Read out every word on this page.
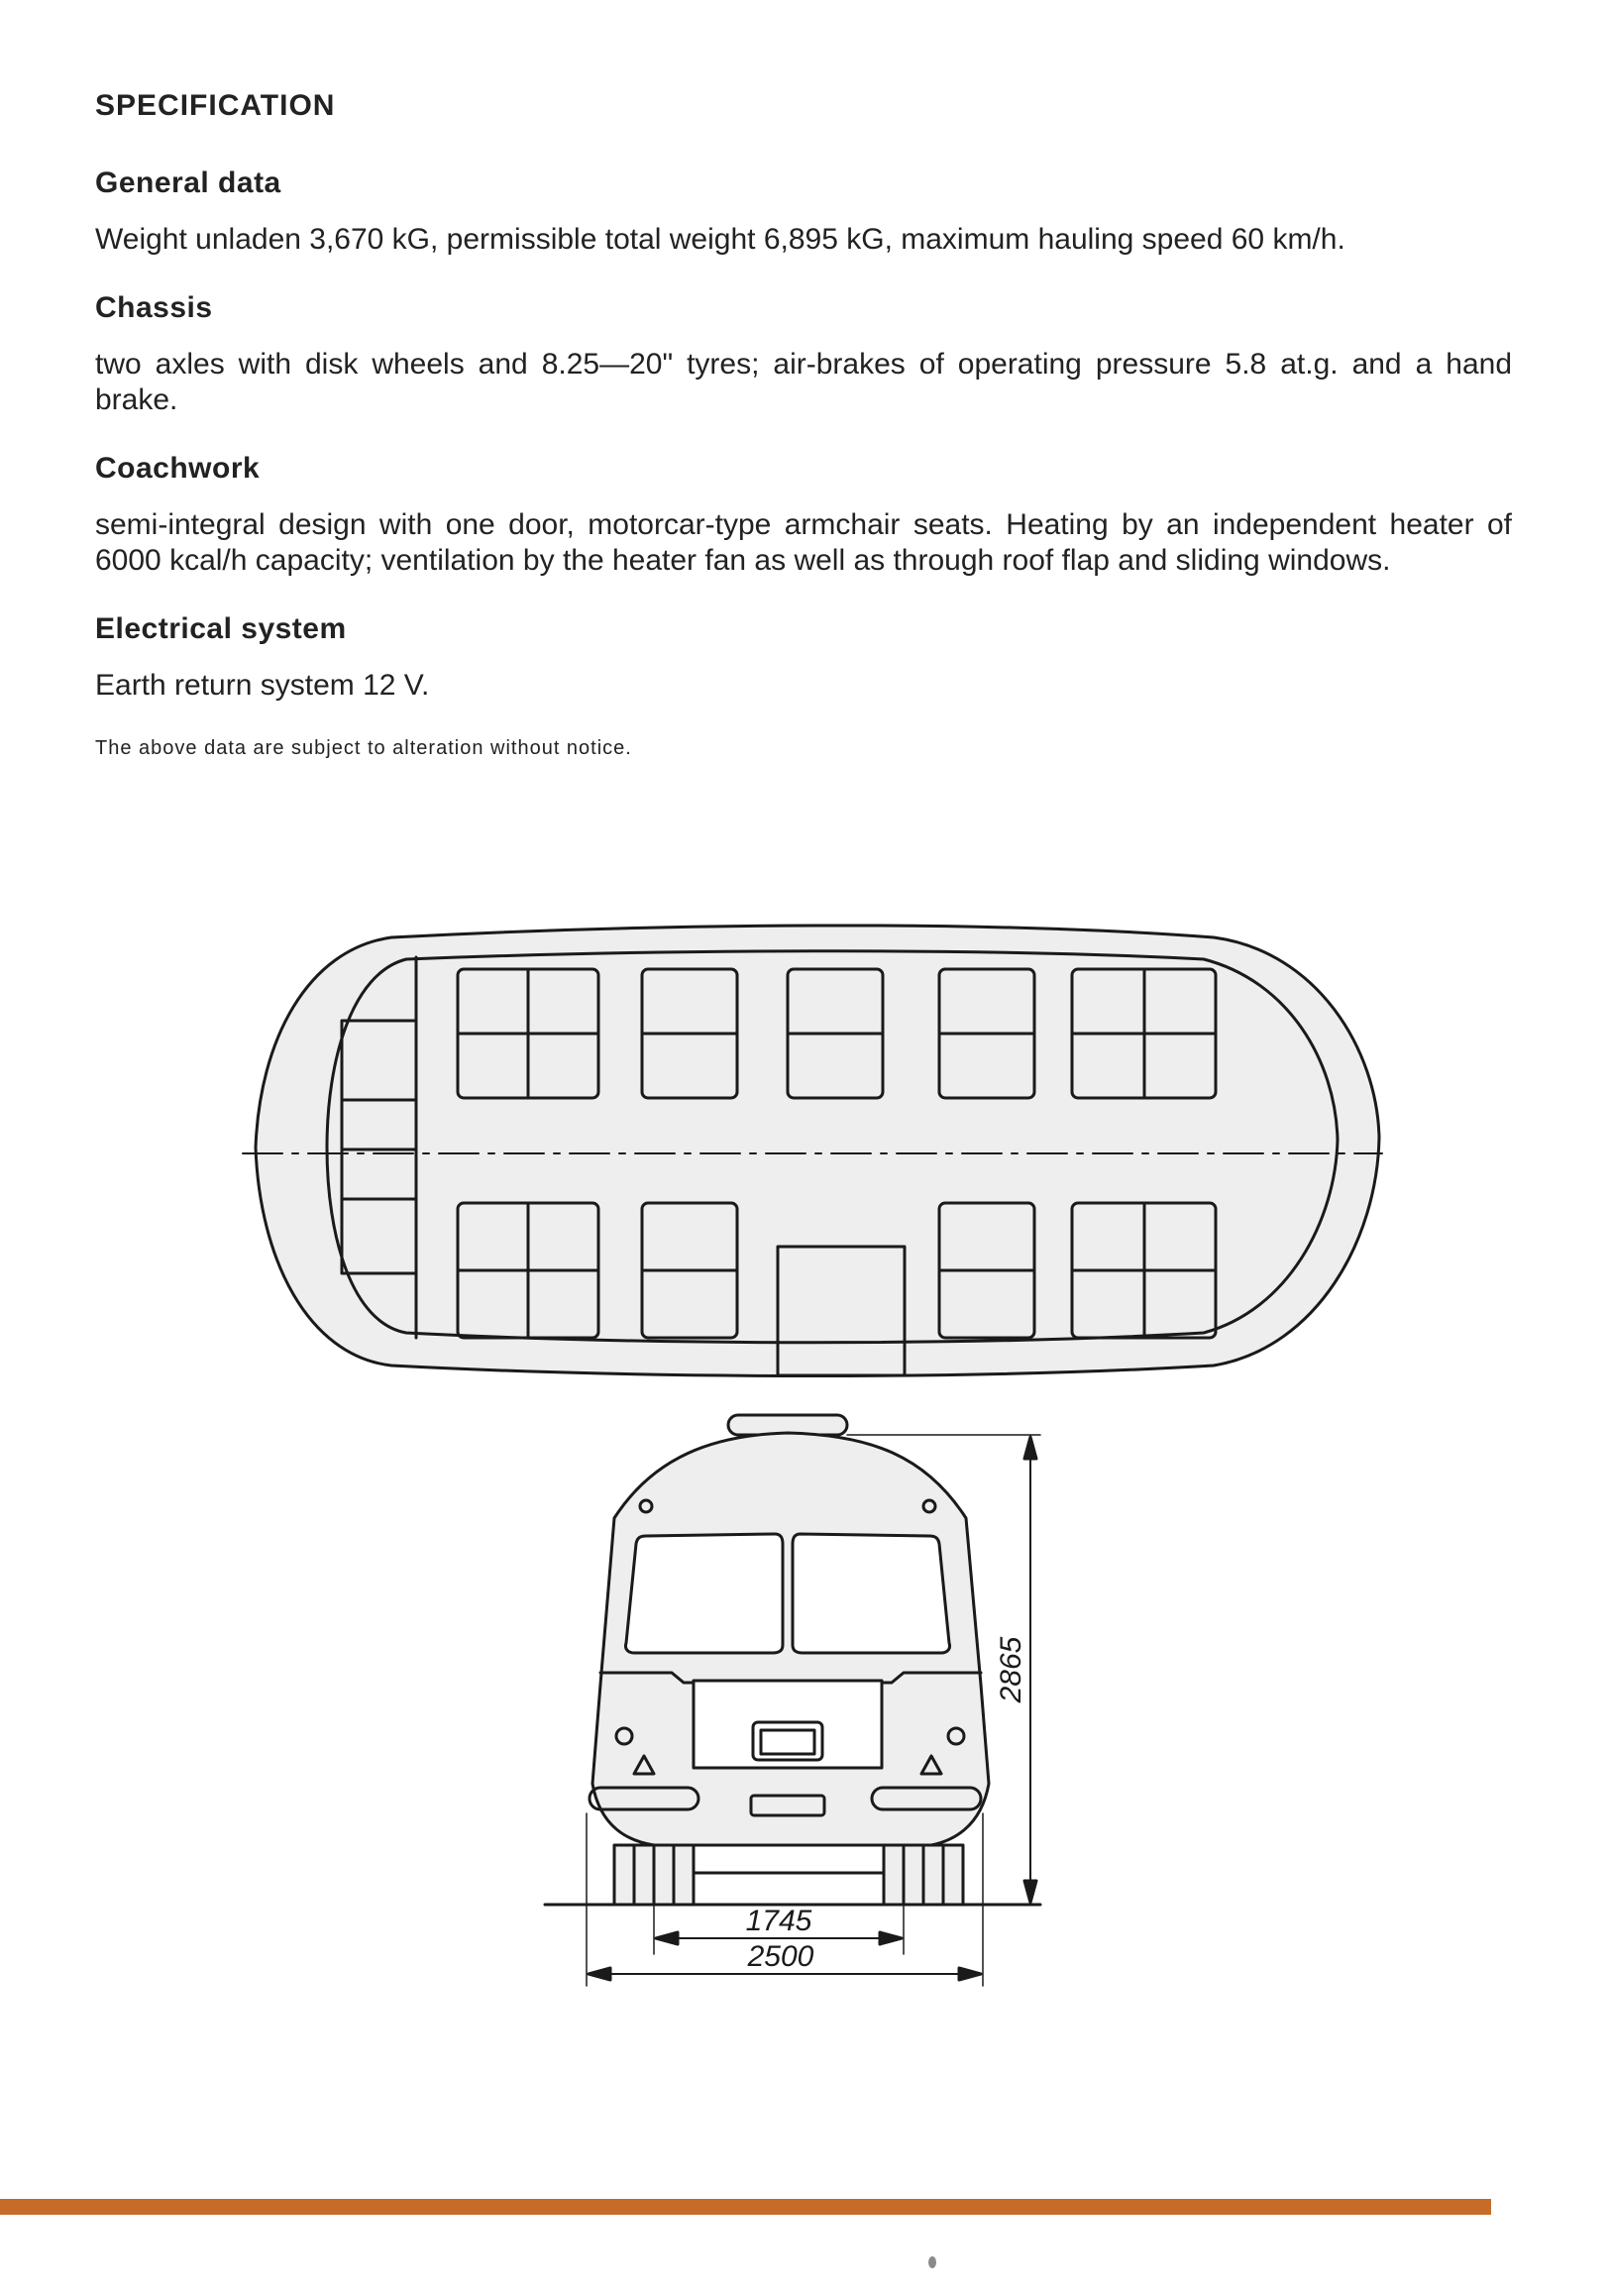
SPECIFICATION
General data

Weight unladen 3,670 kG, permissible total weight 6,895 kG, maximum hauling speed 60 km/h.

Chassis

two axles with disk wheels and 8.25—20" tyres; air-brakes of operating pressure 5.8 at.g. and a hand brake.

Coachwork

semi-integral design with one door, motorcar-type armchair seats. Heating by an independent heater of 6000 kcal/h capacity; ventilation by the heater fan as well as through roof flap and sliding windows.

Electrical system

Earth return system 12 V.

The above data are subject to alteration without notice.
2865
1745
2500
